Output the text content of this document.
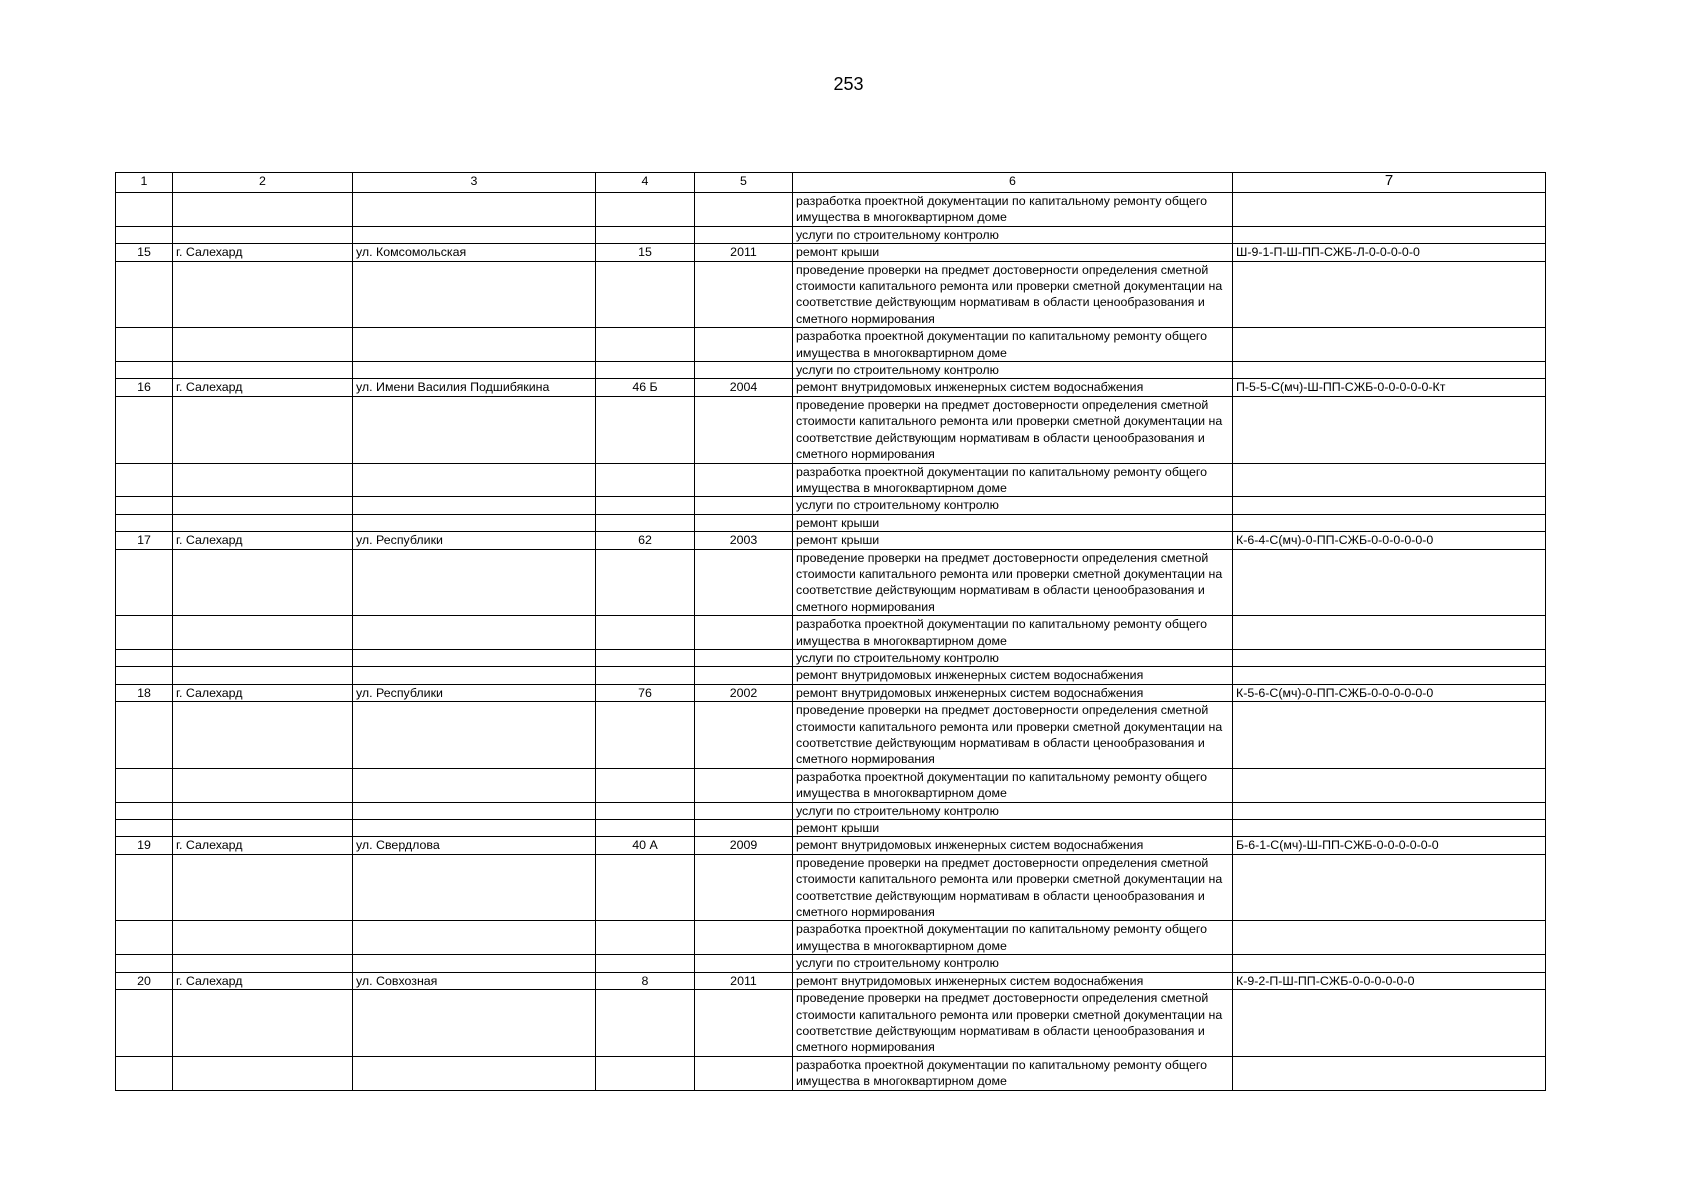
253
1	2	3	4	5	6	7
					разработка проектной документации по капитальному ремонту общего имущества в многоквартирном доме	
					услуги по строительному контролю	
15	г. Салехард	ул. Комсомольская	15	2011	ремонт крыши	Ш-9-1-П-Ш-ПП-СЖБ-Л-0-0-0-0-0
					проведение проверки на предмет достоверности определения сметной стоимости капитального ремонта или проверки сметной документации на соответствие действующим нормативам в области ценообразования и сметного нормирования	
					разработка проектной документации по капитальному ремонту общего имущества в многоквартирном доме	
					услуги по строительному контролю	
16	г. Салехард	ул. Имени Василия Подшибякина	46 Б	2004	ремонт внутридомовых инженерных систем водоснабжения	П-5-5-С(мч)-Ш-ПП-СЖБ-0-0-0-0-0-Кт
					проведение проверки на предмет достоверности определения сметной стоимости капитального ремонта или проверки сметной документации на соответствие действующим нормативам в области ценообразования и сметного нормирования	
					разработка проектной документации по капитальному ремонту общего имущества в многоквартирном доме	
					услуги по строительному контролю	
					ремонт крыши	
17	г. Салехард	ул. Республики	62	2003	ремонт крыши	К-6-4-С(мч)-0-ПП-СЖБ-0-0-0-0-0-0
					проведение проверки на предмет достоверности определения сметной стоимости капитального ремонта или проверки сметной документации на соответствие действующим нормативам в области ценообразования и сметного нормирования	
					разработка проектной документации по капитальному ремонту общего имущества в многоквартирном доме	
					услуги по строительному контролю	
					ремонт внутридомовых инженерных систем водоснабжения	
18	г. Салехард	ул. Республики	76	2002	ремонт внутридомовых инженерных систем водоснабжения	К-5-6-С(мч)-0-ПП-СЖБ-0-0-0-0-0-0
					проведение проверки на предмет достоверности определения сметной стоимости капитального ремонта или проверки сметной документации на соответствие действующим нормативам в области ценообразования и сметного нормирования	
					разработка проектной документации по капитальному ремонту общего имущества в многоквартирном доме	
					услуги по строительному контролю	
					ремонт крыши	
19	г. Салехард	ул. Свердлова	40 А	2009	ремонт внутридомовых инженерных систем водоснабжения	Б-6-1-С(мч)-Ш-ПП-СЖБ-0-0-0-0-0-0
					проведение проверки на предмет достоверности определения сметной стоимости капитального ремонта или проверки сметной документации на соответствие действующим нормативам в области ценообразования и сметного нормирования	
					разработка проектной документации по капитальному ремонту общего имущества в многоквартирном доме	
					услуги по строительному контролю	
20	г. Салехард	ул. Совхозная	8	2011	ремонт внутридомовых инженерных систем водоснабжения	К-9-2-П-Ш-ПП-СЖБ-0-0-0-0-0-0
					проведение проверки на предмет достоверности определения сметной стоимости капитального ремонта или проверки сметной документации на соответствие действующим нормативам в области ценообразования и сметного нормирования	
					разработка проектной документации по капитальному ремонту общего имущества в многоквартирном доме	
